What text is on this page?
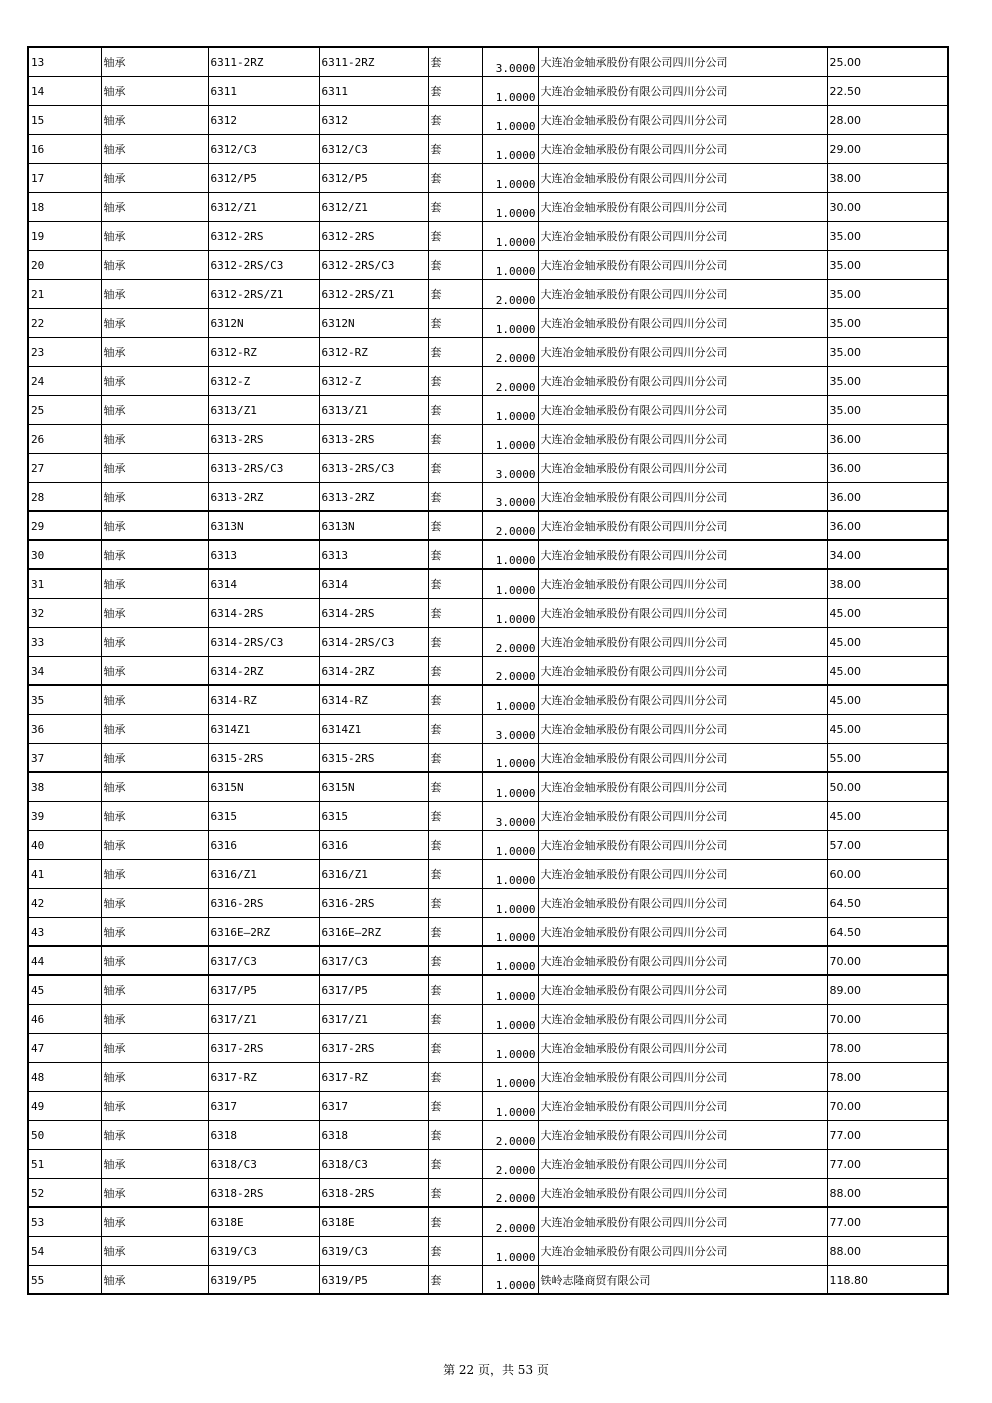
13	轴承	6311-2RZ	6311-2RZ	套	3.0000	大连冶金轴承股份有限公司四川分公司	25.00
14	轴承	6311	6311	套	1.0000	大连冶金轴承股份有限公司四川分公司	22.50
15	轴承	6312	6312	套	1.0000	大连冶金轴承股份有限公司四川分公司	28.00
16	轴承	6312/C3	6312/C3	套	1.0000	大连冶金轴承股份有限公司四川分公司	29.00
17	轴承	6312/P5	6312/P5	套	1.0000	大连冶金轴承股份有限公司四川分公司	38.00
18	轴承	6312/Z1	6312/Z1	套	1.0000	大连冶金轴承股份有限公司四川分公司	30.00
19	轴承	6312-2RS	6312-2RS	套	1.0000	大连冶金轴承股份有限公司四川分公司	35.00
20	轴承	6312-2RS/C3	6312-2RS/C3	套	1.0000	大连冶金轴承股份有限公司四川分公司	35.00
21	轴承	6312-2RS/Z1	6312-2RS/Z1	套	2.0000	大连冶金轴承股份有限公司四川分公司	35.00
22	轴承	6312N	6312N	套	1.0000	大连冶金轴承股份有限公司四川分公司	35.00
23	轴承	6312-RZ	6312-RZ	套	2.0000	大连冶金轴承股份有限公司四川分公司	35.00
24	轴承	6312-Z	6312-Z	套	2.0000	大连冶金轴承股份有限公司四川分公司	35.00
25	轴承	6313/Z1	6313/Z1	套	1.0000	大连冶金轴承股份有限公司四川分公司	35.00
26	轴承	6313-2RS	6313-2RS	套	1.0000	大连冶金轴承股份有限公司四川分公司	36.00
27	轴承	6313-2RS/C3	6313-2RS/C3	套	3.0000	大连冶金轴承股份有限公司四川分公司	36.00
28	轴承	6313-2RZ	6313-2RZ	套	3.0000	大连冶金轴承股份有限公司四川分公司	36.00
29	轴承	6313N	6313N	套	2.0000	大连冶金轴承股份有限公司四川分公司	36.00
30	轴承	6313	6313	套	1.0000	大连冶金轴承股份有限公司四川分公司	34.00
31	轴承	6314	6314	套	1.0000	大连冶金轴承股份有限公司四川分公司	38.00
32	轴承	6314-2RS	6314-2RS	套	1.0000	大连冶金轴承股份有限公司四川分公司	45.00
33	轴承	6314-2RS/C3	6314-2RS/C3	套	2.0000	大连冶金轴承股份有限公司四川分公司	45.00
34	轴承	6314-2RZ	6314-2RZ	套	2.0000	大连冶金轴承股份有限公司四川分公司	45.00
35	轴承	6314-RZ	6314-RZ	套	1.0000	大连冶金轴承股份有限公司四川分公司	45.00
36	轴承	6314Z1	6314Z1	套	3.0000	大连冶金轴承股份有限公司四川分公司	45.00
37	轴承	6315-2RS	6315-2RS	套	1.0000	大连冶金轴承股份有限公司四川分公司	55.00
38	轴承	6315N	6315N	套	1.0000	大连冶金轴承股份有限公司四川分公司	50.00
39	轴承	6315	6315	套	3.0000	大连冶金轴承股份有限公司四川分公司	45.00
40	轴承	6316	6316	套	1.0000	大连冶金轴承股份有限公司四川分公司	57.00
41	轴承	6316/Z1	6316/Z1	套	1.0000	大连冶金轴承股份有限公司四川分公司	60.00
42	轴承	6316-2RS	6316-2RS	套	1.0000	大连冶金轴承股份有限公司四川分公司	64.50
43	轴承	6316E—2RZ	6316E—2RZ	套	1.0000	大连冶金轴承股份有限公司四川分公司	64.50
44	轴承	6317/C3	6317/C3	套	1.0000	大连冶金轴承股份有限公司四川分公司	70.00
45	轴承	6317/P5	6317/P5	套	1.0000	大连冶金轴承股份有限公司四川分公司	89.00
46	轴承	6317/Z1	6317/Z1	套	1.0000	大连冶金轴承股份有限公司四川分公司	70.00
47	轴承	6317-2RS	6317-2RS	套	1.0000	大连冶金轴承股份有限公司四川分公司	78.00
48	轴承	6317-RZ	6317-RZ	套	1.0000	大连冶金轴承股份有限公司四川分公司	78.00
49	轴承	6317	6317	套	1.0000	大连冶金轴承股份有限公司四川分公司	70.00
50	轴承	6318	6318	套	2.0000	大连冶金轴承股份有限公司四川分公司	77.00
51	轴承	6318/C3	6318/C3	套	2.0000	大连冶金轴承股份有限公司四川分公司	77.00
52	轴承	6318-2RS	6318-2RS	套	2.0000	大连冶金轴承股份有限公司四川分公司	88.00
53	轴承	6318E	6318E	套	2.0000	大连冶金轴承股份有限公司四川分公司	77.00
54	轴承	6319/C3	6319/C3	套	1.0000	大连冶金轴承股份有限公司四川分公司	88.00
55	轴承	6319/P5	6319/P5	套	1.0000	铁岭志隆商贸有限公司	118.80
第 22 页，共 53 页
